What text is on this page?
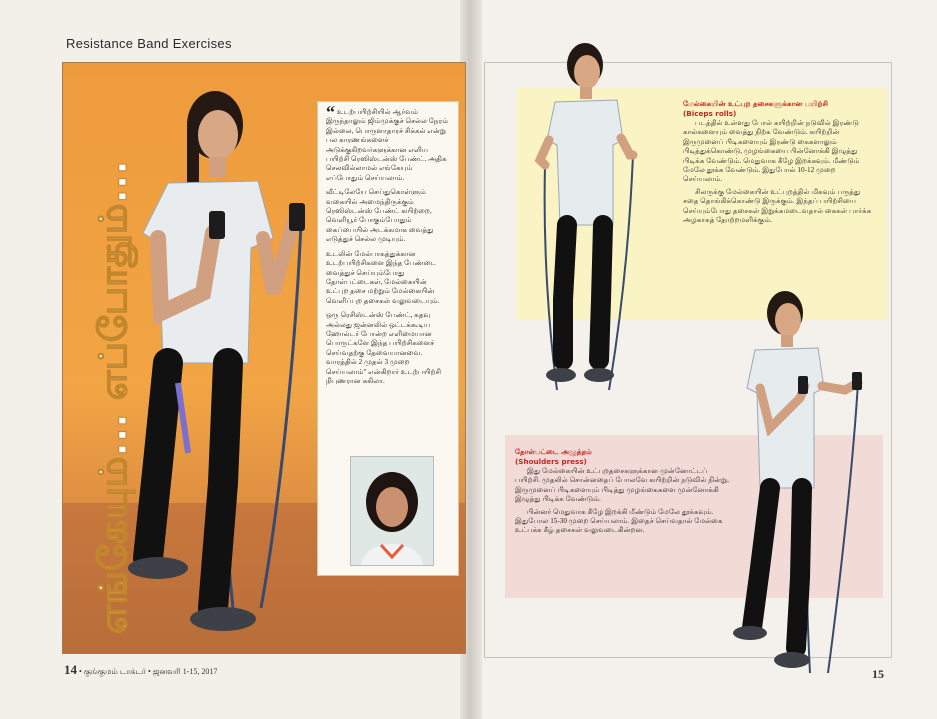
Resistance Band Exercises
எங்கேயும்... எப்போதும்...

“ உடற்பயிற்சியில் ஆர்வம் இருந்தாலும் ஜிம்முக்குச் செல்ல நேரம் இல்லை, பொருளாதாரச் சிக்கல் என்று பல காரணங்களைச் அடுக்குகிறவர்களுக்கான எளிய பயிற்சி ரெஸிஸ்டன்ஸ் பேண்ட். அதிக செலவில்லாமல் எங்கேயும் எப்போதும் செய்யலாம்.

வீட்டிலேயே செய்துகொள்ளும் வகையில் அமைந்திருக்கும் ரெஸிஸ்டன்ஸ் பேண்ட் கயிற்றை, வெளியூர் போகும்போதும் கைப்பையில் அடக்கமாக வைத்து எடுத்துச் செல்ல முடியும்.

உடலின் மேல்பாகத்துக்கான உடற்பயிற்சிகளை இந்த பேண்டை வைத்துச் செய்யும்போது தோள்பட்டைகள், மேல்கையின் உட்புற தசை மற்றும் மேல்கையின் வெளிப்புற தசைகள் வலுவடையும்.

ஒரு ரெசிஸ்டன்ஸ் பேண்ட், கதவு அல்லது ஜன்னலில் ஒட்டக்கூடிய ஹோல்டர் போன்ற எளிமையான பொருட்களே இந்த பயிற்சிகளைச் செய்வதற்கு தேவையானவை. வாரத்தில் 2 முதல் 3 முறை செய்யலாம்" என்கிறார் உடற்பயிற்சி நிபுணரான சுகிலா.

14 • குங்குமம் டாக்டர் • ஜனவரி 1-15, 2017
மேல்கையின் உட்புற தசைகளுக்கான பயிற்சி
(Biceps rolls)

படத்தில் உள்ளது போல் கயிற்றின் நடுவில் இரண்டு கால்களையும் வைத்து நிற்க வேண்டும். கயிற்றின் இருமுனைப் பிடிகளையும் இரண்டு கைகளாலும் பிடித்துக்கொண்டு, முழங்கையை பின்னோக்கி இழுத்து பிடிக்க வேண்டும். மெதுவாக கீழே இறக்கவும். மீண்டும் மேலே தூக்க வேண்டும். இதுபோல் 10-12 முறை செய்யலாம்.

சிலருக்கு மேல்கையின் உட்புறத்தில் மிகவும் பருத்து சதை தொங்கிக்கொண்டு இருக்கும். இந்தப் பயிற்சியை செய்யும்போது தசைகள் இறுக்கமடைவதால் கைகள் பார்க்க அழகாகத் தோற்றமளிக்கும்.

தோள்பட்டை அழுத்தம்
(Shoulders press)

இது மேல்கையின் உட்புறதசைகளுக்கான முன்னோட்டப் பயிற்சி. முதலில் சொன்னதைப் போலவே கயிற்றின் நடுவில் நின்று, இருமுனைப் பிடிகளையும் பிடித்து முழங்கைகளை முன்னோக்கி இழுத்து பிடிக்க வேண்டும்.

பின்னர் மெதுவாக கீழே இறக்கி மீண்டும் மேலே தூக்கவும். இதுபோல 15-30 முறை செய்யலாம். இதைச் செய்வதால் மேல்கை உட்பக்க கீழ் தசைகள் வலுவடைகின்றன.

15
